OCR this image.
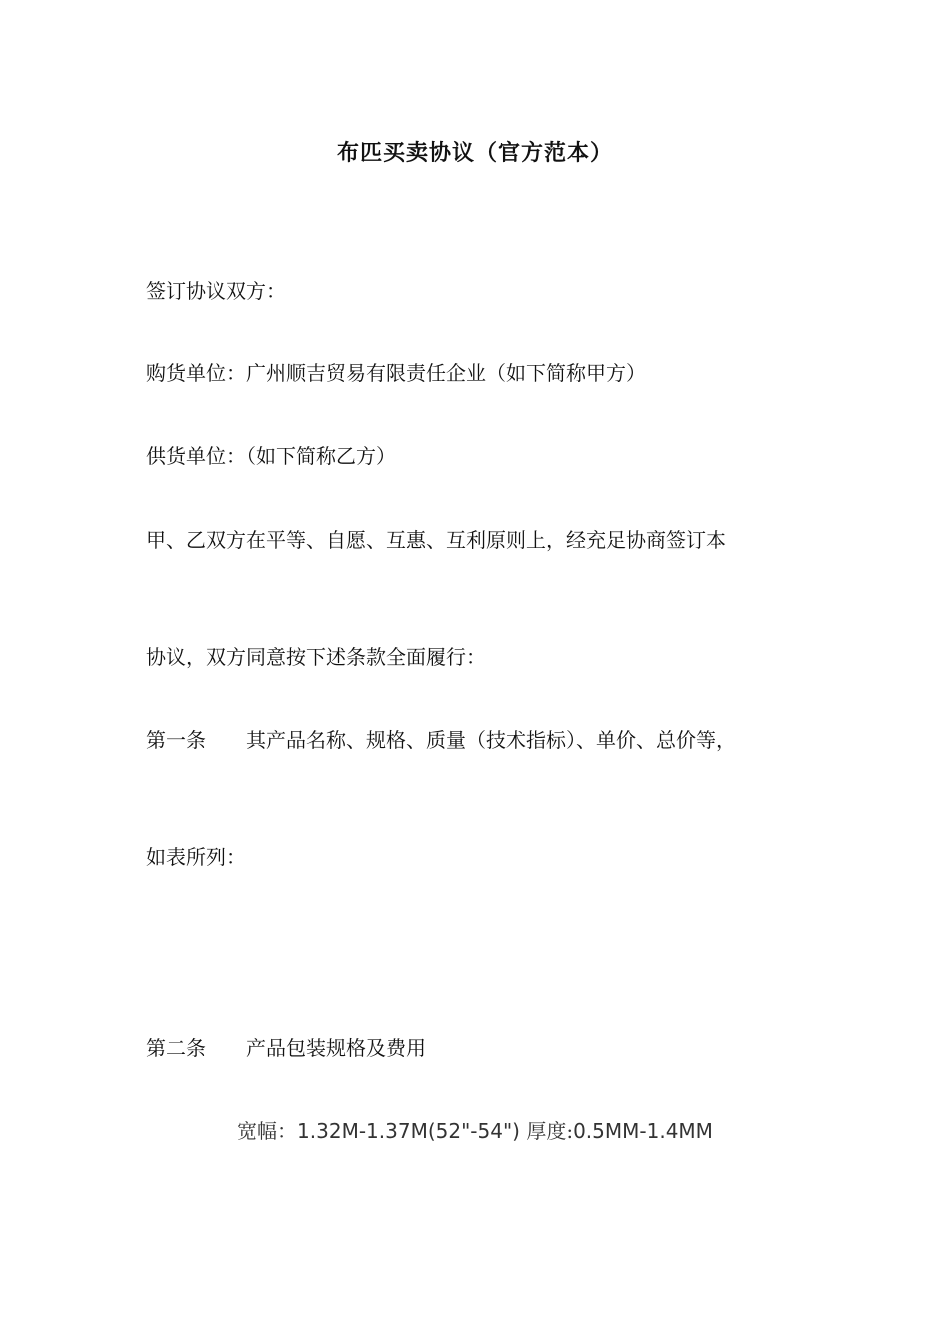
布匹买卖协议（官方范本）
签订协议双方：
购货单位：广州顺吉贸易有限责任企业（如下简称甲方）
供货单位：（如下简称乙方）
甲、乙双方在平等、自愿、互惠、互利原则上，经充足协商签订本
协议，双方同意按下述条款全面履行：
第一条 其产品名称、规格、质量（技术指标）、单价、总价等，
如表所列：
第二条 产品包装规格及费用
宽幅：1.32M-1.37M(52"-54") 厚度:0.5MM-1.4MM
